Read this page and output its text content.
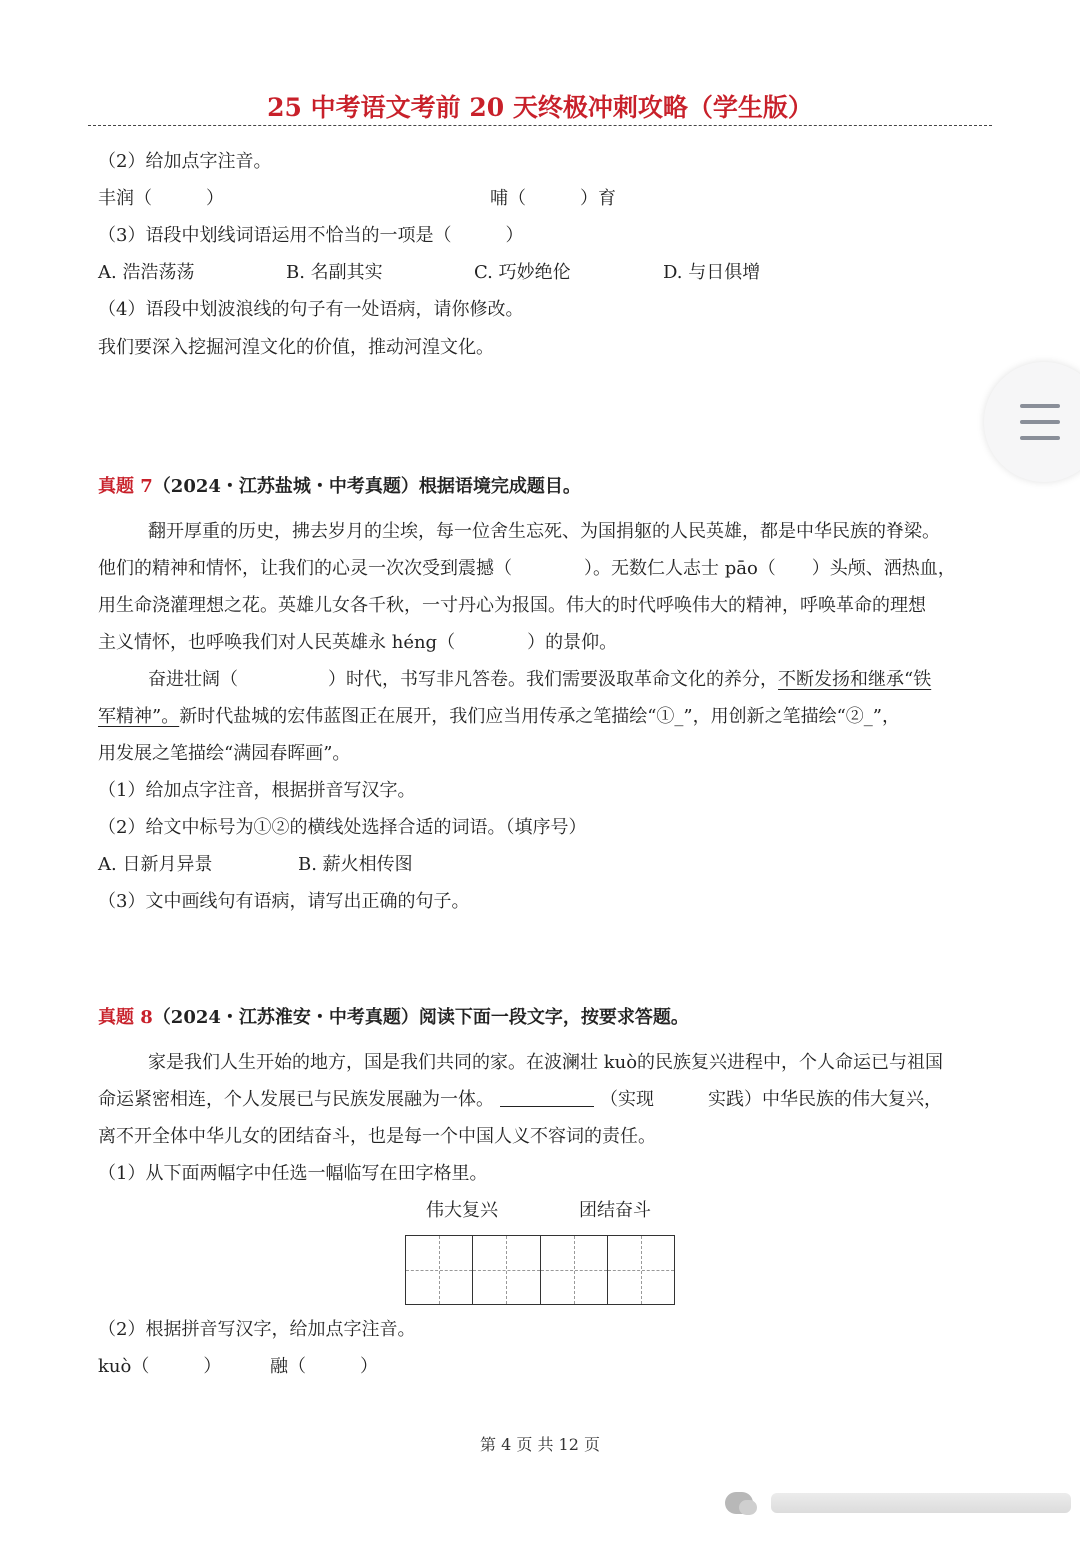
25 中考语文考前 20 天终极冲刺攻略（学生版）
（2）给加点字注音。
丰润（　　　）	哺（　　　）育
（3）语段中划线词语运用不恰当的一项是（　　　）
A. 浩浩荡荡	B. 名副其实	C. 巧妙绝伦	D. 与日俱增
（4）语段中划波浪线的句子有一处语病，请你修改。
我们要深入挖掘河湟文化的价值，推动河湟文化。
真题 7（2024・江苏盐城・中考真题）根据语境完成题目。
翻开厚重的历史，拂去岁月的尘埃，每一位舍生忘死、为国捐躯的人民英雄，都是中华民族的脊梁。
他们的精神和情怀，让我们的心灵一次次受到震撼（　　　　）。无数仁人志士 pāo（　　）头颅、洒热血，
用生命浇灌理想之花。英雄儿女各千秋，一寸丹心为报国。伟大的时代呼唤伟大的精神，呼唤革命的理想
主义情怀，也呼唤我们对人民英雄永 héng（　　　　）的景仰。
奋进壮阔（　　　　　）时代，书写非凡答卷。我们需要汲取革命文化的养分，不断发扬和继承“铁
军精神”。新时代盐城的宏伟蓝图正在展开，我们应当用传承之笔描绘“①_”，用创新之笔描绘“②_”，
用发展之笔描绘“满园春晖画”。
（1）给加点字注音，根据拼音写汉字。
（2）给文中标号为①②的横线处选择合适的词语。（填序号）
A. 日新月异景	B. 薪火相传图
（3）文中画线句有语病，请写出正确的句子。
真题 8（2024・江苏淮安・中考真题）阅读下面一段文字，按要求答题。
家是我们人生开始的地方，国是我们共同的家。在波澜壮 kuò的民族复兴进程中，个人命运已与祖国
命运紧密相连，个人发展已与民族发展融为一体。	（实现　　　实践）中华民族的伟大复兴，
离不开全体中华儿女的团结奋斗，也是每一个中国人义不容词的责任。
（1）从下面两幅字中任选一幅临写在田字格里。
伟大复兴	团结奋斗
（2）根据拼音写汉字，给加点字注音。
kuò（　　　）	融（　　　）
第 4 页 共 12 页
